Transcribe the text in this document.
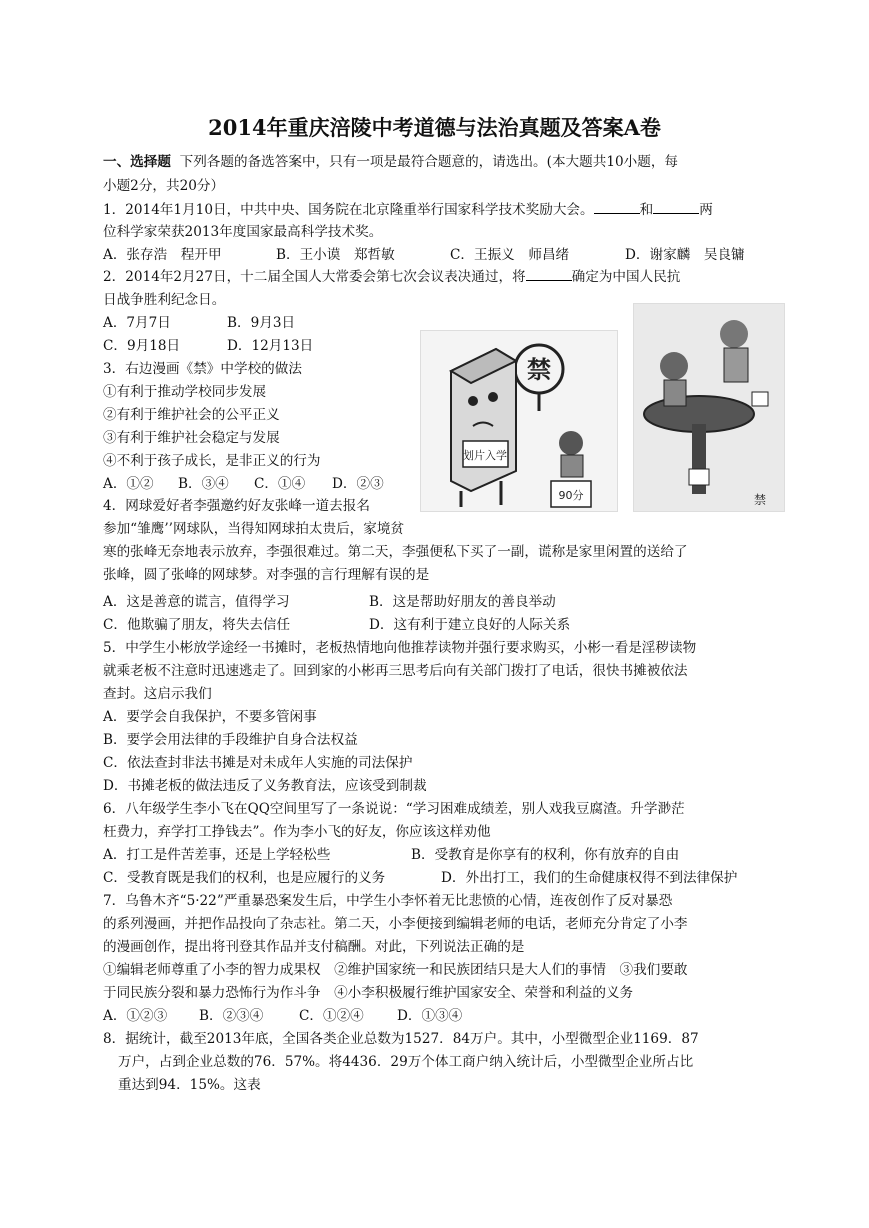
2014年重庆涪陵中考道德与法治真题及答案A卷
一、选择题 下列各题的备选答案中，只有一项是最符合题意的，请选出。(本大题共10小题，每
小题2分，共20分）
1．2014年1月10日，中共中央、国务院在北京隆重举行国家科学技术奖励大会。	和	两
位科学家荣获2013年度国家最高科学技术奖。
A．张存浩　程开甲	B．王小谟　郑哲敏	C．王振义　师昌绪	D．谢家麟　吴良镛
2．2014年2月27日，十二届全国人大常委会第七次会议表决通过，将	确定为中国人民抗
日战争胜利纪念日。
A．7月7日	B．9月3日
C．9月18日	D．12月13日
3．右边漫画《禁》中学校的做法
①有利于推动学校同步发展
②有利于维护社会的公平正义
③有利于维护社会稳定与发展
④不利于孩子成长，是非正义的行为
A．①② B．③④ C．①④ D．②③
禁
划片入学
90分	禁
4．网球爱好者李强邀约好友张峰一道去报名
参加“雏鹰’’网球队，当得知网球拍太贵后，家境贫
寒的张峰无奈地表示放弃，李强很难过。第二天，李强便私下买了一副，谎称是家里闲置的送给了
张峰，圆了张峰的网球梦。对李强的言行理解有误的是
A．这是善意的谎言，值得学习	B．这是帮助好朋友的善良举动
C．他欺骗了朋友，将失去信任	D．这有利于建立良好的人际关系
5．中学生小彬放学途经一书摊时，老板热情地向他推荐读物并强行要求购买，小彬一看是淫秽读物
就乘老板不注意时迅速逃走了。回到家的小彬再三思考后向有关部门拨打了电话，很快书摊被依法
查封。这启示我们
A．要学会自我保护，不要多管闲事
B．要学会用法律的手段维护自身合法权益
C．依法查封非法书摊是对未成年人实施的司法保护
D．书摊老板的做法违反了义务教育法，应该受到制裁
6．八年级学生李小飞在QQ空间里写了一条说说：“学习困难成绩差，别人戏我豆腐渣。升学渺茫
枉费力，弃学打工挣钱去”。作为李小飞的好友，你应该这样劝他
A．打工是件苦差事，还是上学轻松些	B．受教育是你享有的权利，你有放弃的自由
C．受教育既是我们的权利，也是应履行的义务	D．外出打工，我们的生命健康权得不到法律保护
7．乌鲁木齐“5·22”严重暴恐案发生后，中学生小李怀着无比悲愤的心情，连夜创作了反对暴恐
的系列漫画，并把作品投向了杂志社。第二天，小李便接到编辑老师的电话，老师充分肯定了小李
的漫画创作，提出将刊登其作品并支付稿酬。对此，下列说法正确的是
①编辑老师尊重了小李的智力成果权　②维护国家统一和民族团结只是大人们的事情　③我们要敢
于同民族分裂和暴力恐怖行为作斗争　④小李积极履行维护国家安全、荣誉和利益的义务
A．①②③ B．②③④	C．①②④ D．①③④
8．据统计，截至2013年底，全国各类企业总数为1527．84万户。其中，小型微型企业1169．87
万户，占到企业总数的76．57%。将4436．29万个体工商户纳入统计后，小型微型企业所占比
重达到94．15%。这表
